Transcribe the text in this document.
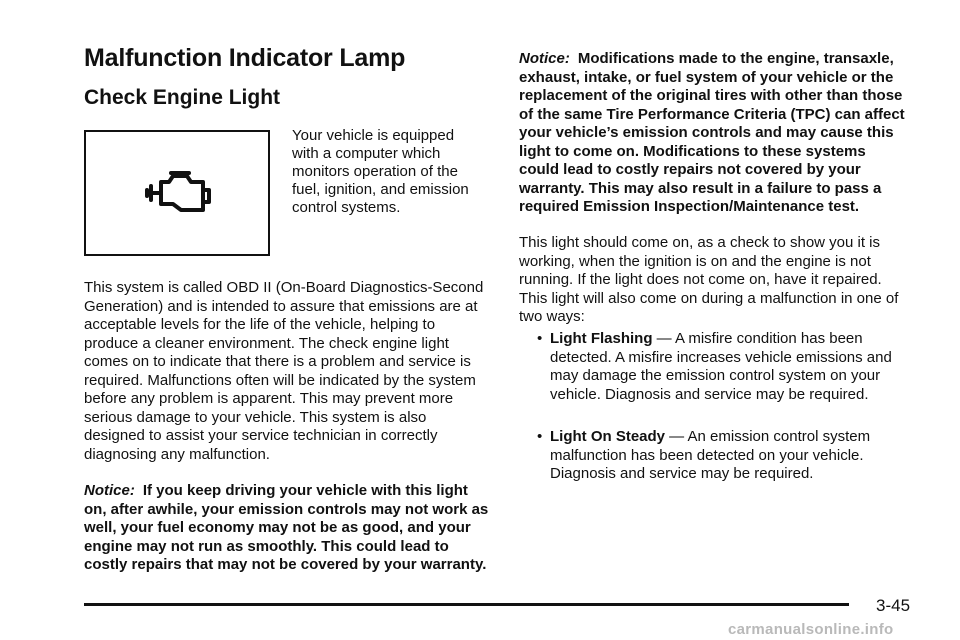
Malfunction Indicator Lamp
Check Engine Light

Your vehicle is equipped with a computer which monitors operation of the fuel, ignition, and emission control systems.

This system is called OBD II (On-Board Diagnostics-Second Generation) and is intended to assure that emissions are at acceptable levels for the life of the vehicle, helping to produce a cleaner environment. The check engine light comes on to indicate that there is a problem and service is required. Malfunctions often will be indicated by the system before any problem is apparent. This may prevent more serious damage to your vehicle. This system is also designed to assist your service technician in correctly diagnosing any malfunction.

Notice: If you keep driving your vehicle with this light on, after awhile, your emission controls may not work as well, your fuel economy may not be as good, and your engine may not run as smoothly. This could lead to costly repairs that may not be covered by your warranty.

Notice: Modifications made to the engine, transaxle, exhaust, intake, or fuel system of your vehicle or the replacement of the original tires with other than those of the same Tire Performance Criteria (TPC) can affect your vehicle’s emission controls and may cause this light to come on. Modifications to these systems could lead to costly repairs not covered by your warranty. This may also result in a failure to pass a required Emission Inspection/Maintenance test.

This light should come on, as a check to show you it is working, when the ignition is on and the engine is not running. If the light does not come on, have it repaired. This light will also come on during a malfunction in one of two ways:

• Light Flashing — A misfire condition has been detected. A misfire increases vehicle emissions and may damage the emission control system on your vehicle. Diagnosis and service may be required.
• Light On Steady — An emission control system malfunction has been detected on your vehicle. Diagnosis and service may be required.
3-45
carmanualsonline.info
